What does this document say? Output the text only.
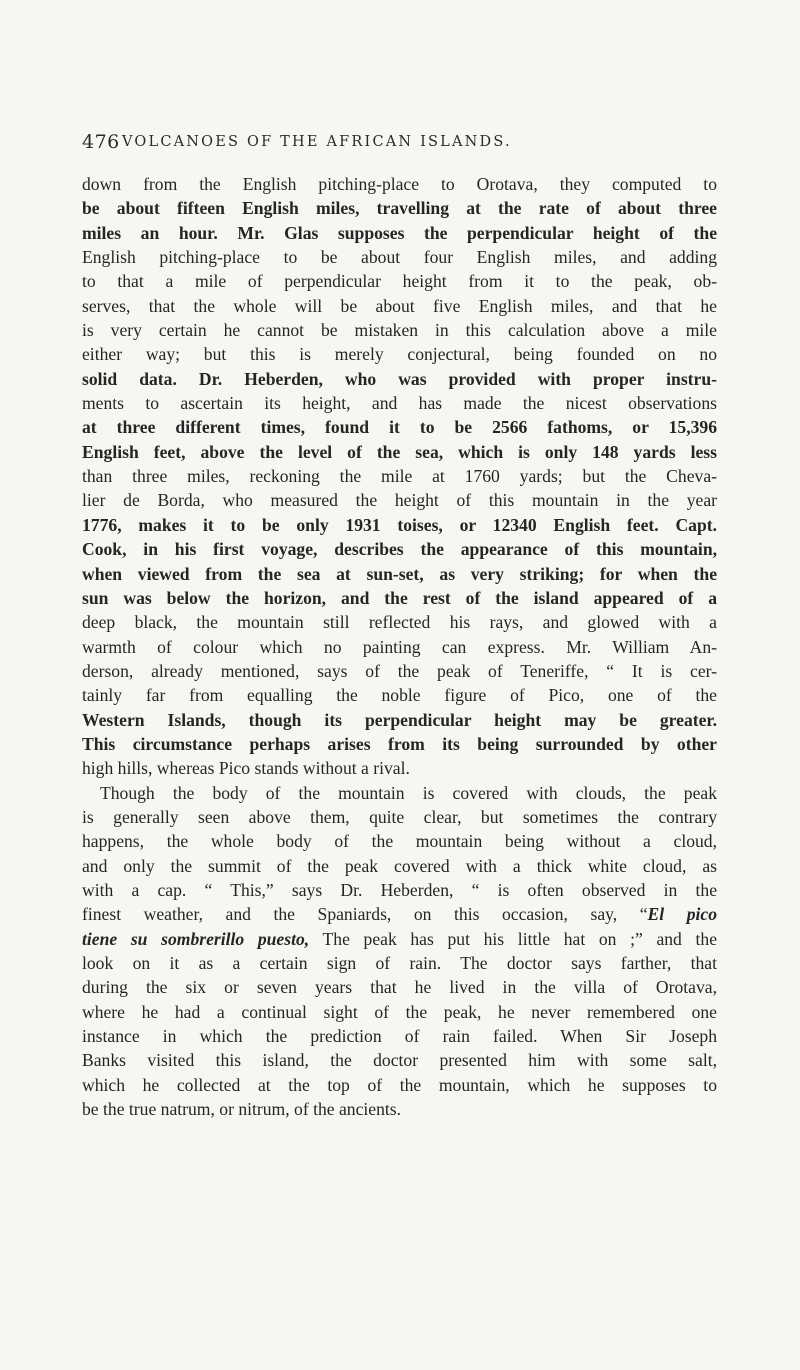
476 VOLCANOES OF THE AFRICAN ISLANDS.
down from the English pitching-place to Orotava, they computed to
be about fifteen English miles, travelling at the rate of about three
miles an hour. Mr. Glas supposes the perpendicular height of the
English pitching-place to be about four English miles, and adding
to that a mile of perpendicular height from it to the peak, ob-
serves, that the whole will be about five English miles, and that he
is very certain he cannot be mistaken in this calculation above a mile
either way; but this is merely conjectural, being founded on no
solid data. Dr. Heberden, who was provided with proper instru-
ments to ascertain its height, and has made the nicest observations
at three different times, found it to be 2566 fathoms, or 15,396
English feet, above the level of the sea, which is only 148 yards less
than three miles, reckoning the mile at 1760 yards; but the Cheva-
lier de Borda, who measured the height of this mountain in the year
1776, makes it to be only 1931 toises, or 12340 English feet. Capt.
Cook, in his first voyage, describes the appearance of this mountain,
when viewed from the sea at sun-set, as very striking; for when the
sun was below the horizon, and the rest of the island appeared of a
deep black, the mountain still reflected his rays, and glowed with a
warmth of colour which no painting can express. Mr. William An-
derson, already mentioned, says of the peak of Teneriffe, “ It is cer-
tainly far from equalling the noble figure of Pico, one of the
Western Islands, though its perpendicular height may be greater.
This circumstance perhaps arises from its being surrounded by other
high hills, whereas Pico stands without a rival.
Though the body of the mountain is covered with clouds, the peak
is generally seen above them, quite clear, but sometimes the contrary
happens, the whole body of the mountain being without a cloud,
and only the summit of the peak covered with a thick white cloud, as
with a cap. “ This,” says Dr. Heberden, “ is often observed in the
finest weather, and the Spaniards, on this occasion, say, “El pico
tiene su sombrerillo puesto, The peak has put his little hat on ;” and the
look on it as a certain sign of rain. The doctor says farther, that
during the six or seven years that he lived in the villa of Orotava,
where he had a continual sight of the peak, he never remembered one
instance in which the prediction of rain failed. When Sir Joseph
Banks visited this island, the doctor presented him with some salt,
which he collected at the top of the mountain, which he supposes to
be the true natrum, or nitrum, of the ancients.
